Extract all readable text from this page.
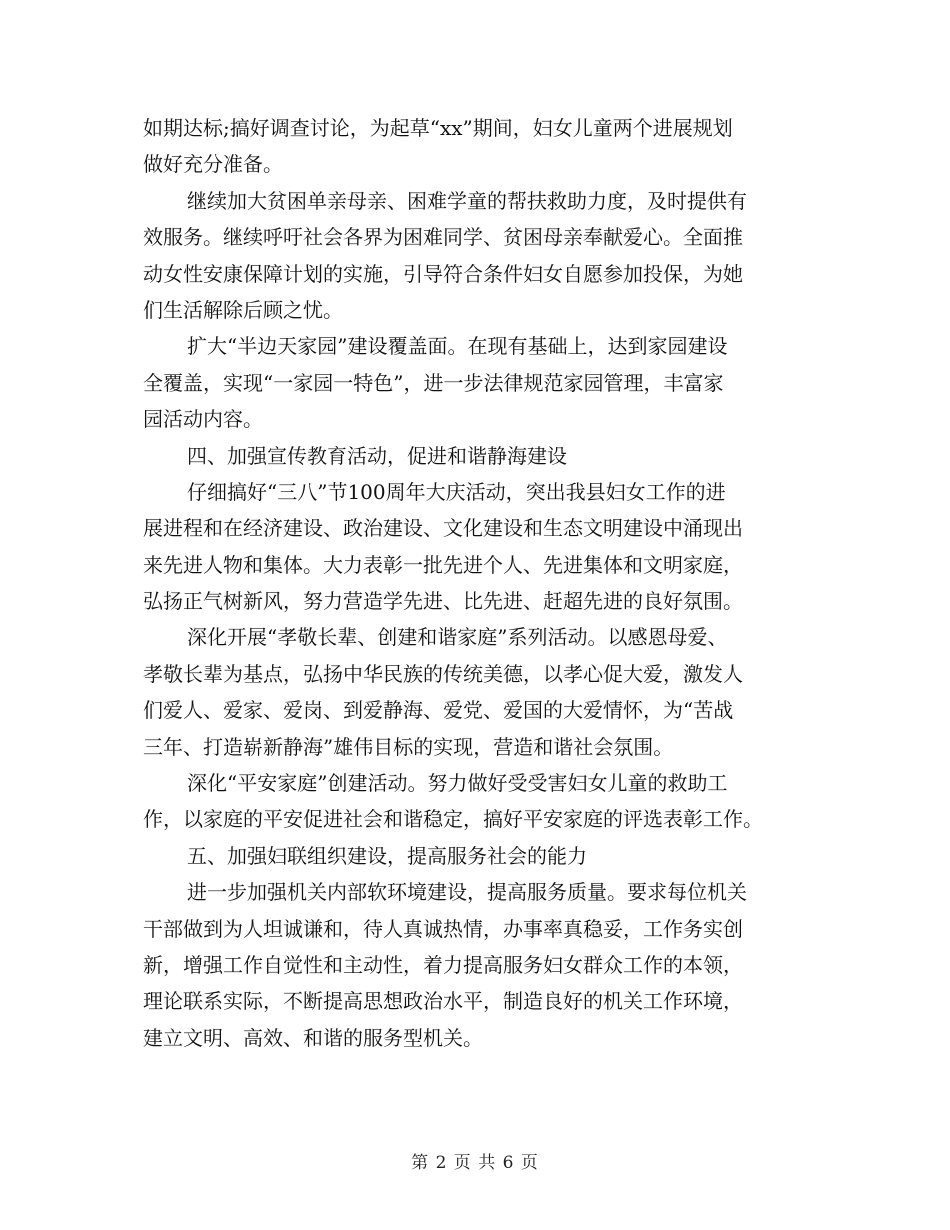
如期达标;搞好调查讨论，为起草“xx”期间，妇女儿童两个进展规划
做好充分准备。
继续加大贫困单亲母亲、困难学童的帮扶救助力度，及时提供有
效服务。继续呼吁社会各界为困难同学、贫困母亲奉献爱心。全面推
动女性安康保障计划的实施，引导符合条件妇女自愿参加投保，为她
们生活解除后顾之忧。
扩大“半边天家园”建设覆盖面。在现有基础上，达到家园建设
全覆盖，实现“一家园一特色”，进一步法律规范家园管理，丰富家
园活动内容。
四、加强宣传教育活动，促进和谐静海建设
仔细搞好“三八”节100周年大庆活动，突出我县妇女工作的进
展进程和在经济建设、政治建设、文化建设和生态文明建设中涌现出
来先进人物和集体。大力表彰一批先进个人、先进集体和文明家庭，
弘扬正气树新风，努力营造学先进、比先进、赶超先进的良好氛围。
深化开展“孝敬长辈、创建和谐家庭”系列活动。以感恩母爱、
孝敬长辈为基点，弘扬中华民族的传统美德，以孝心促大爱，激发人
们爱人、爱家、爱岗、到爱静海、爱党、爱国的大爱情怀，为“苦战
三年、打造崭新静海”雄伟目标的实现，营造和谐社会氛围。
深化“平安家庭”创建活动。努力做好受受害妇女儿童的救助工
作，以家庭的平安促进社会和谐稳定，搞好平安家庭的评选表彰工作。
五、加强妇联组织建设，提高服务社会的能力
进一步加强机关内部软环境建设，提高服务质量。要求每位机关
干部做到为人坦诚谦和，待人真诚热情，办事率真稳妥，工作务实创
新，增强工作自觉性和主动性，着力提高服务妇女群众工作的本领，
理论联系实际，不断提高思想政治水平，制造良好的机关工作环境，
建立文明、高效、和谐的服务型机关。
第 2 页 共 6 页
